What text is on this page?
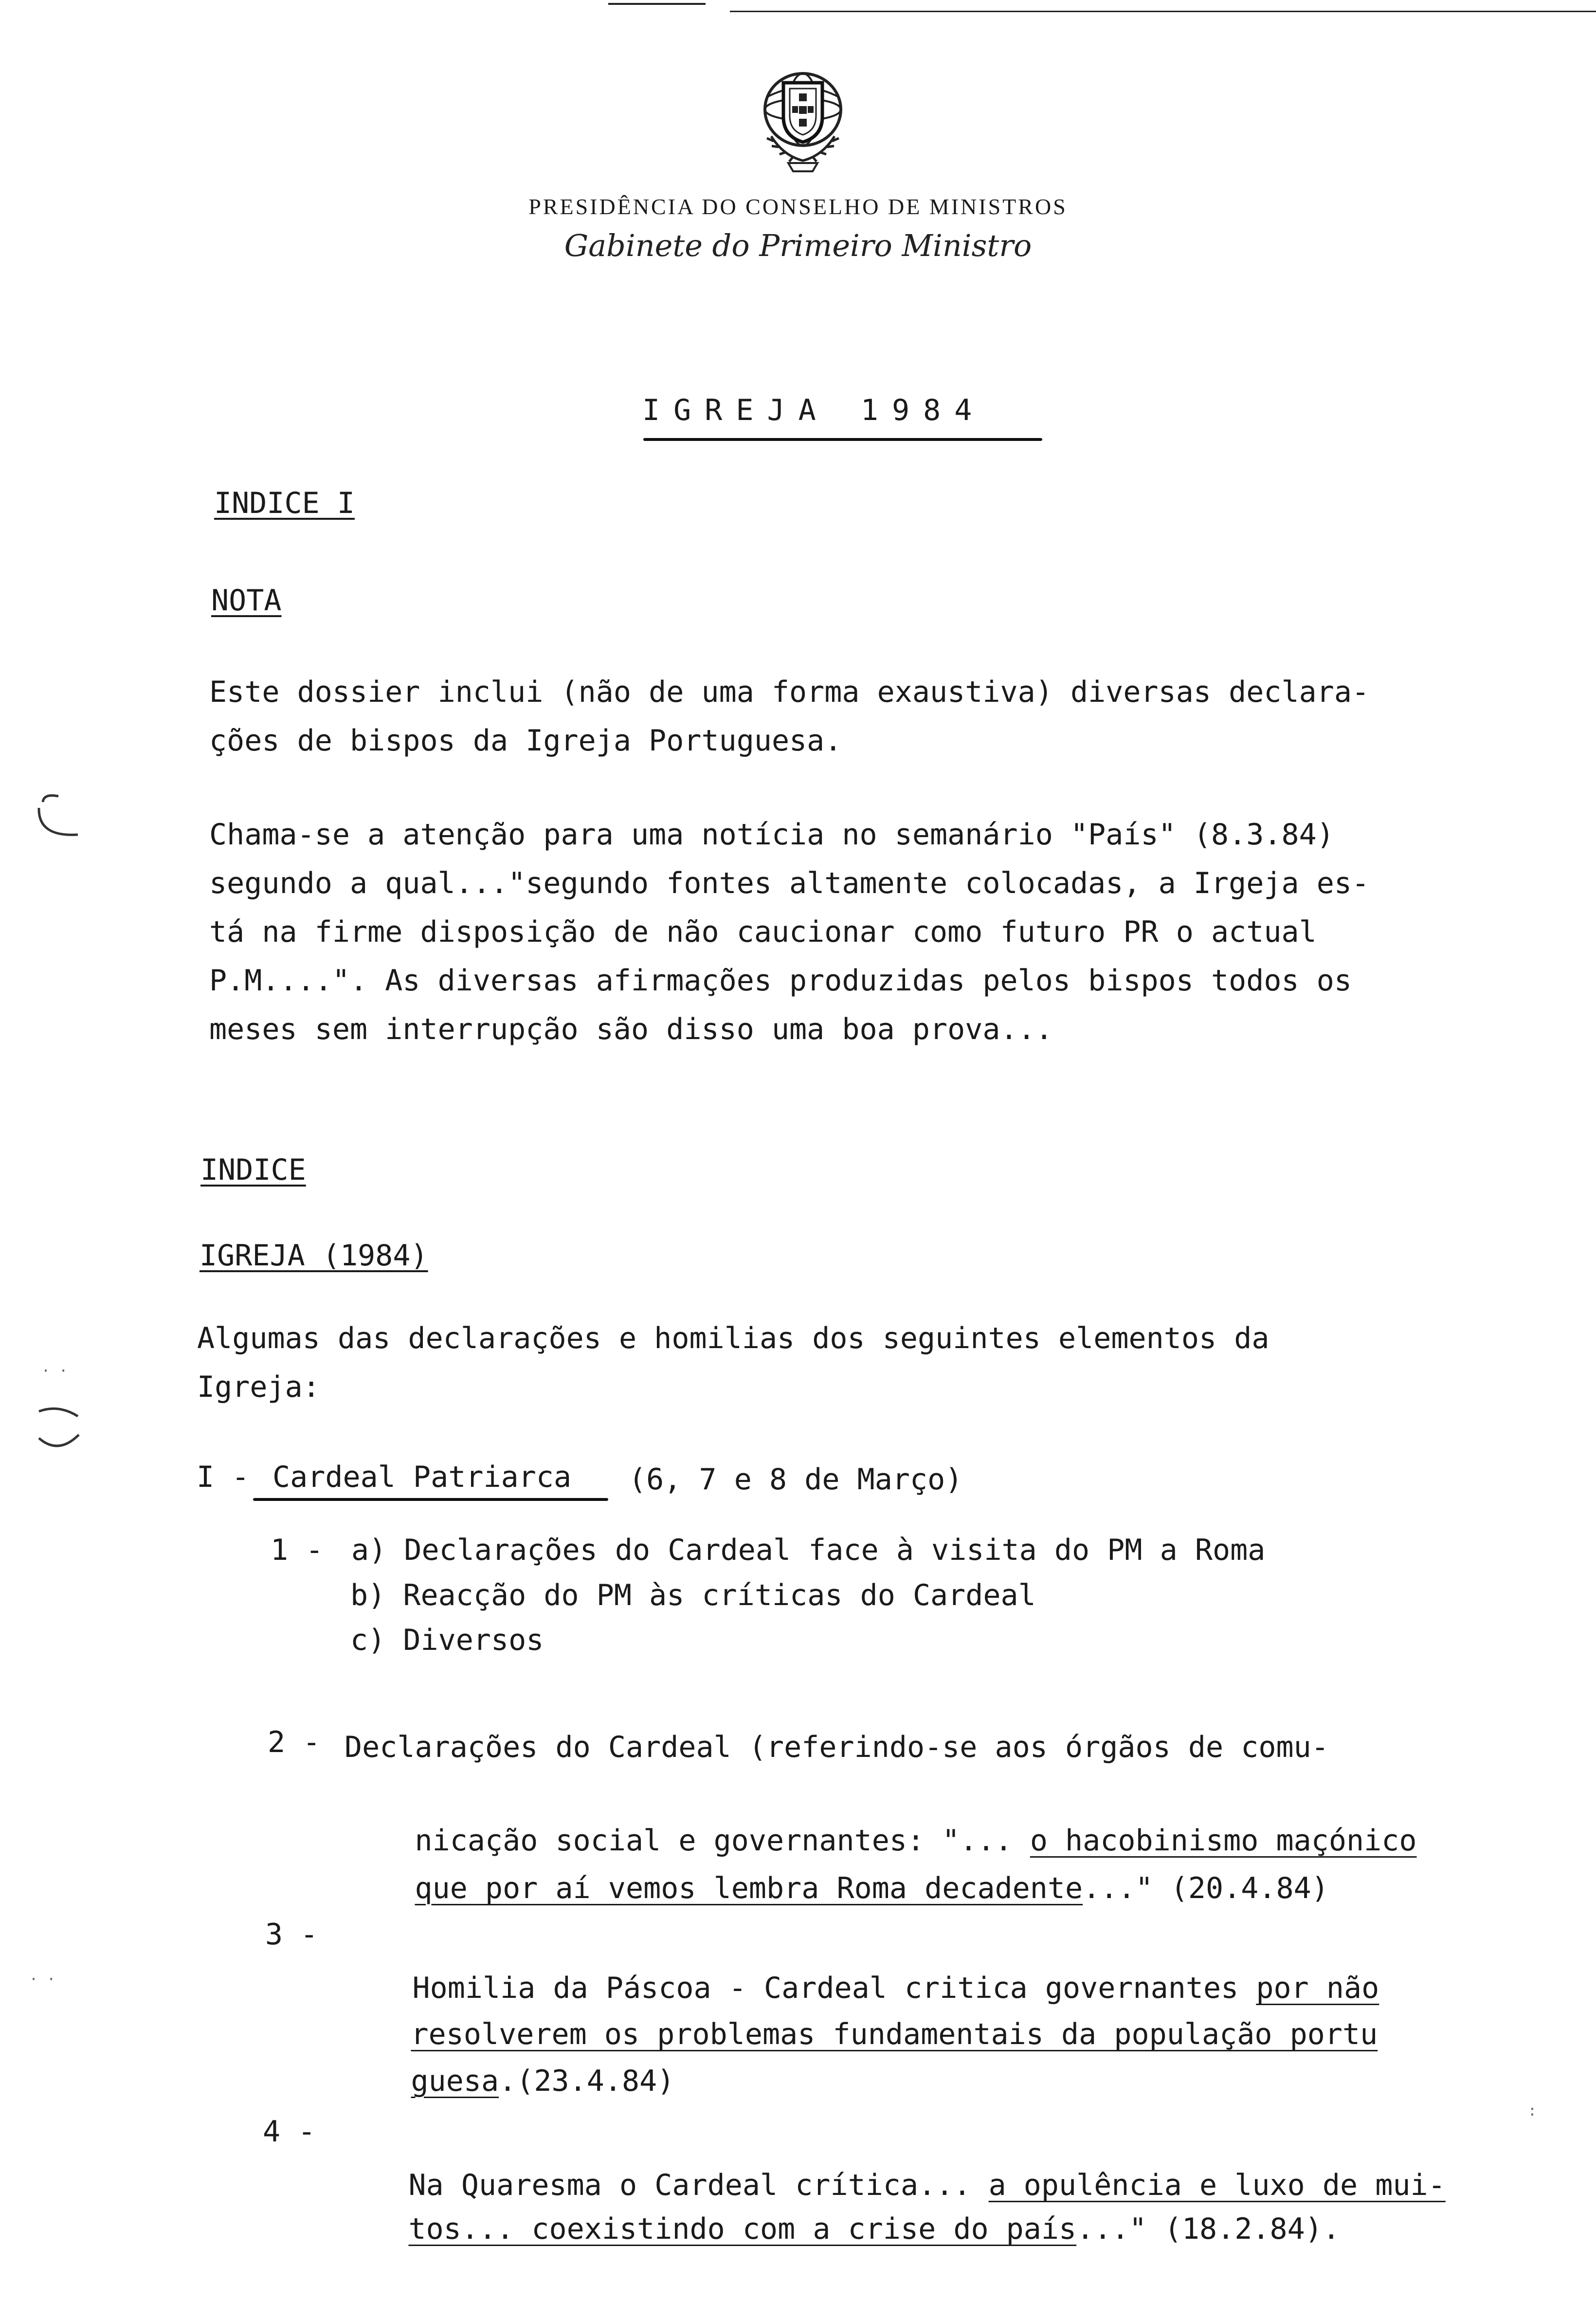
PRESIDÊNCIA DO CONSELHO DE MINISTROS
Gabinete do Primeiro Ministro
IGREJA 1984
INDICE I
NOTA
Este dossier inclui (não de uma forma exaustiva) diversas declara-
ções de bispos da Igreja Portuguesa.
Chama-se a atenção para uma notícia no semanário "País" (8.3.84)
segundo a qual..."segundo fontes altamente colocadas, a Irgeja es-
tá na firme disposição de não caucionar como futuro PR o actual
P.M....". As diversas afirmações produzidas pelos bispos todos os
meses sem interrupção são disso uma boa prova...
INDICE
IGREJA (1984)
Algumas das declarações e homilias dos seguintes elementos da
Igreja:
I - Cardeal Patriarca (6, 7 e 8 de Março)
1 - a) Declarações do Cardeal face à visita do PM a Roma
b) Reacção do PM às críticas do Cardeal
c) Diversos
2 - Declarações do Cardeal (referindo-se aos órgãos de comu-

nicação social e governantes: "... o hacobinismo maçónico

que por aí vemos lembra Roma decadente..." (20.4.84)

3 -

Homilia da Páscoa - Cardeal critica governantes por não

resolverem os problemas fundamentais da população portu

guesa.(23.4.84)

4 -

Na Quaresma o Cardeal crítica... a opulência e luxo de mui-

tos... coexistindo com a crise do país..." (18.2.84).

· ·
· ·
:
